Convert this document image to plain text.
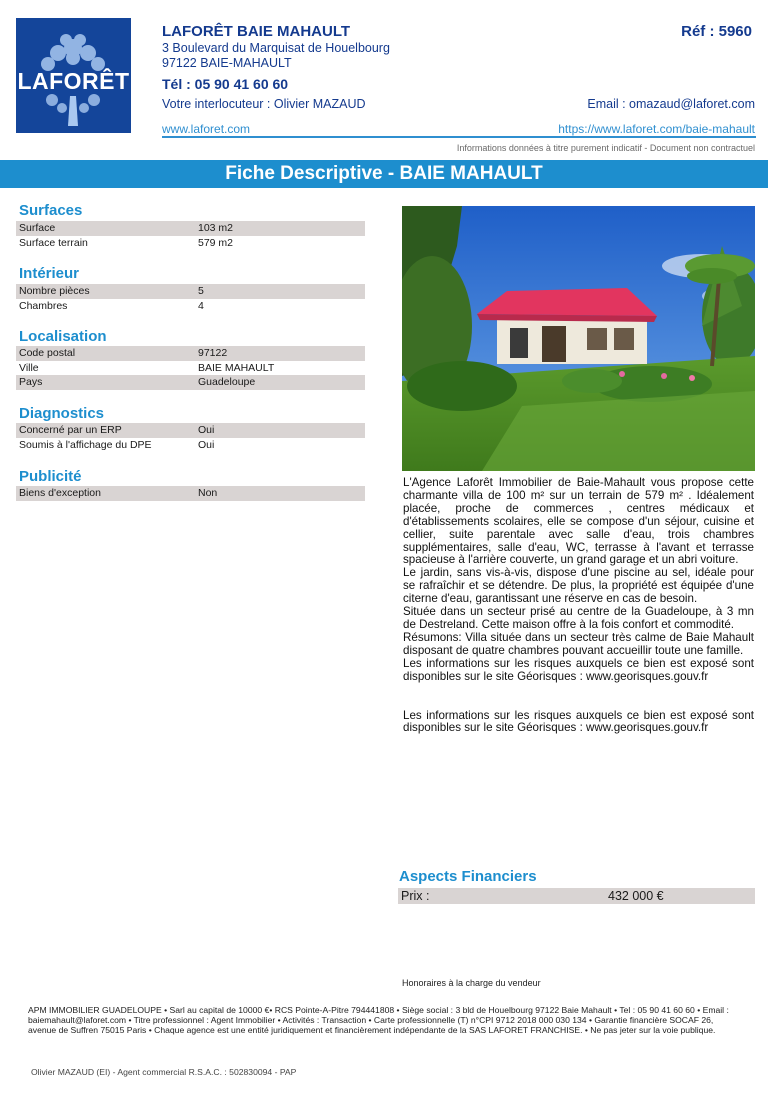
LAFORÊT
LAFORÊT BAIE MAHAULT	Réf : 5960
3 Boulevard du Marquisat de Houelbourg
97122 BAIE-MAHAULT
Tél : 05 90 41 60 60
Votre interlocuteur : Olivier MAZAUD	Email : omazaud@laforet.com
www.laforet.com	https://www.laforet.com/baie-mahault
Informations données à titre purement indicatif - Document non contractuel
Fiche Descriptive - BAIE MAHAULT
Surfaces
Surface	103 m2
Surface terrain	579 m2
Intérieur
Nombre pièces	5
Chambres	4
Localisation
Code postal	97122
Ville	BAIE MAHAULT
Pays	Guadeloupe
Diagnostics
Concerné par un ERP	Oui
Soumis à l'affichage du DPE	Oui
Publicité
Biens d'exception	Non

L'Agence Laforêt Immobilier de Baie-Mahault vous propose cette charmante villa de 100 m² sur un terrain de 579 m² . Idéalement placée, proche de commerces , centres médicaux et d'établissements scolaires, elle se compose d'un séjour, cuisine et cellier, suite parentale avec salle d'eau, trois chambres supplémentaires, salle d'eau, WC, terrasse à l'avant et terrasse spacieuse à l'arrière couverte, un grand garage et un abri voiture.

Le jardin, sans vis-à-vis, dispose d'une piscine au sel, idéale pour se rafraîchir et se détendre. De plus, la propriété est équipée d'une citerne d'eau, garantissant une réserve en cas de besoin.

Située dans un secteur prisé au centre de la Guadeloupe, à 3 mn de Destreland. Cette maison offre à la fois confort et commodité.

Résumons: Villa située dans un secteur très calme de Baie Mahault disposant de quatre chambres pouvant accueillir toute une famille.

Les informations sur les risques auxquels ce bien est exposé sont disponibles sur le site Géorisques : www.georisques.gouv.fr

Les informations sur les risques auxquels ce bien est exposé sont disponibles sur le site Géorisques : www.georisques.gouv.fr

Aspects Financiers
Prix :	432 000 €
Honoraires à la charge du vendeur
APM IMMOBILIER GUADELOUPE • Sarl au capital de 10000 €• RCS Pointe-A-Pitre 794441808 • Siège social : 3 bld de Houelbourg 97122 Baie Mahault • Tel : 05 90 41 60 60 • Email : baiemahault@laforet.com • Titre professionnel : Agent Immobilier • Activités : Transaction • Carte professionnelle (T) n°CPI 9712 2018 000 030 134 • Garantie financière SOCAF 26, avenue de Suffren 75015 Paris • Chaque agence est une entité juridiquement et financièrement indépendante de la SAS LAFORET FRANCHISE. • Ne pas jeter sur la voie publique.
Olivier MAZAUD (EI) - Agent commercial R.S.A.C. : 502830094 - PAP
